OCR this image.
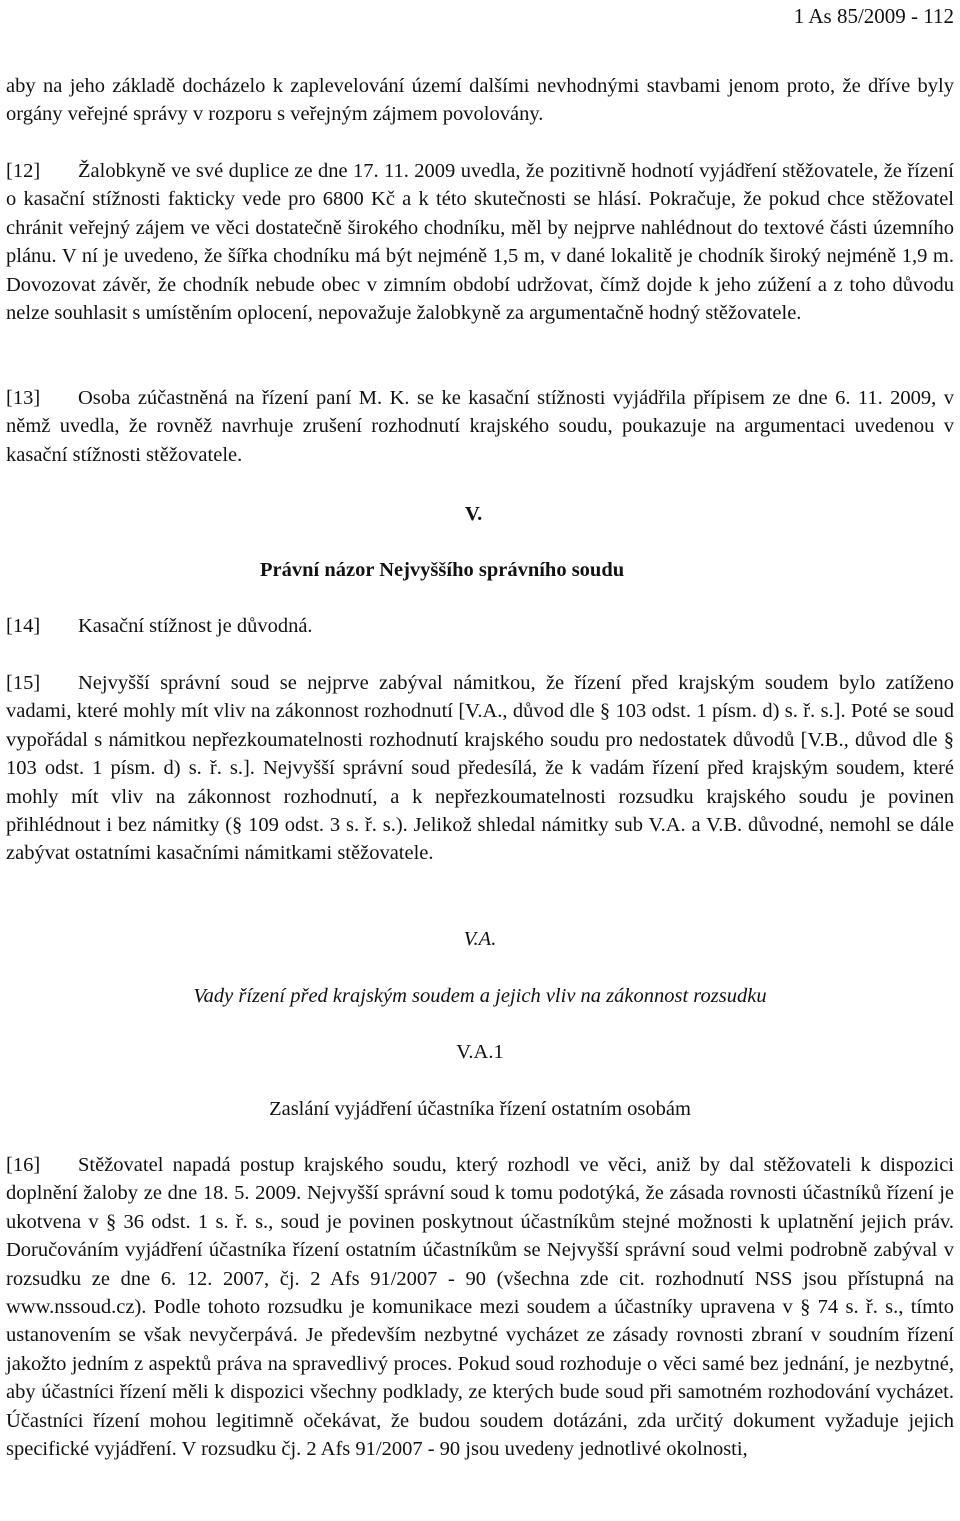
1 As 85/2009 - 112

aby na jeho základě docházelo k zaplevelování území dalšími nevhodnými stavbami jenom proto, že dříve byly orgány veřejné správy v rozporu s veřejným zájmem povolovány.

[12] Žalobkyně ve své duplice ze dne 17. 11. 2009 uvedla, že pozitivně hodnotí vyjádření stěžovatele, že řízení o kasační stížnosti fakticky vede pro 6800 Kč a k této skutečnosti se hlásí. Pokračuje, že pokud chce stěžovatel chránit veřejný zájem ve věci dostatečně širokého chodníku, měl by nejprve nahlédnout do textové části územního plánu. V ní je uvedeno, že šířka chodníku má být nejméně 1,5 m, v dané lokalitě je chodník široký nejméně 1,9 m. Dovozovat závěr, že chodník nebude obec v zimním období udržovat, čímž dojde k jeho zúžení a z toho důvodu nelze souhlasit s umístěním oplocení, nepovažuje žalobkyně za argumentačně hodný stěžovatele.

[13] Osoba zúčastněná na řízení paní M. K. se ke kasační stížnosti vyjádřila přípisem ze dne 6. 11. 2009, v němž uvedla, že rovněž navrhuje zrušení rozhodnutí krajského soudu, poukazuje na argumentaci uvedenou v kasační stížnosti stěžovatele.

V.
Právní názor Nejvyššího správního soudu

[14] Kasační stížnost je důvodná.

[15] Nejvyšší správní soud se nejprve zabýval námitkou, že řízení před krajským soudem bylo zatíženo vadami, které mohly mít vliv na zákonnost rozhodnutí [V.A., důvod dle § 103 odst. 1 písm. d) s. ř. s.]. Poté se soud vypořádal s námitkou nepřezkoumatelnosti rozhodnutí krajského soudu pro nedostatek důvodů [V.B., důvod dle § 103 odst. 1 písm. d) s. ř. s.]. Nejvyšší správní soud předesílá, že k vadám řízení před krajským soudem, které mohly mít vliv na zákonnost rozhodnutí, a k nepřezkoumatelnosti rozsudku krajského soudu je povinen přihlédnout i bez námitky (§ 109 odst. 3 s. ř. s.). Jelikož shledal námitky sub V.A. a V.B. důvodné, nemohl se dále zabývat ostatními kasačními námitkami stěžovatele.

V.A.
Vady řízení před krajským soudem a jejich vliv na zákonnost rozsudku
V.A.1
Zaslání vyjádření účastníka řízení ostatním osobám

[16] Stěžovatel napadá postup krajského soudu, který rozhodl ve věci, aniž by dal stěžovateli k dispozici doplnění žaloby ze dne 18. 5. 2009. Nejvyšší správní soud k tomu podotýká, že zásada rovnosti účastníků řízení je ukotvena v § 36 odst. 1 s. ř. s., soud je povinen poskytnout účastníkům stejné možnosti k uplatnění jejich práv. Doručováním vyjádření účastníka řízení ostatním účastníkům se Nejvyšší správní soud velmi podrobně zabýval v rozsudku ze dne 6. 12. 2007, čj. 2 Afs 91/2007 - 90 (všechna zde cit. rozhodnutí NSS jsou přístupná na www.nssoud.cz). Podle tohoto rozsudku je komunikace mezi soudem a účastníky upravena v § 74 s. ř. s., tímto ustanovením se však nevyčerpává. Je především nezbytné vycházet ze zásady rovnosti zbraní v soudním řízení jakožto jedním z aspektů práva na spravedlivý proces. Pokud soud rozhoduje o věci samé bez jednání, je nezbytné, aby účastníci řízení měli k dispozici všechny podklady, ze kterých bude soud při samotném rozhodování vycházet. Účastníci řízení mohou legitimně očekávat, že budou soudem dotázáni, zda určitý dokument vyžaduje jejich specifické vyjádření. V rozsudku čj. 2 Afs 91/2007 - 90 jsou uvedeny jednotlivé okolnosti,
